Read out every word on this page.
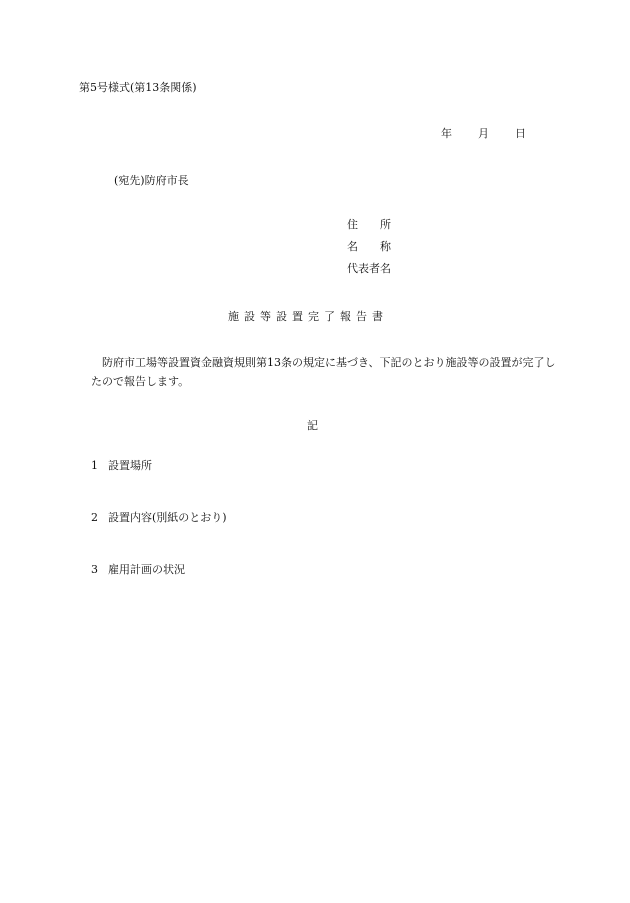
第5号様式(第13条関係)
年 月 日
(宛先)防府市長
住　　所
名　　称
代表者名
施設等設置完了報告書
防府市工場等設置資金融資規則第13条の規定に基づき、下記のとおり施設等の設置が完了したので報告します。
記
1 設置場所
2 設置内容(別紙のとおり)
3 雇用計画の状況
